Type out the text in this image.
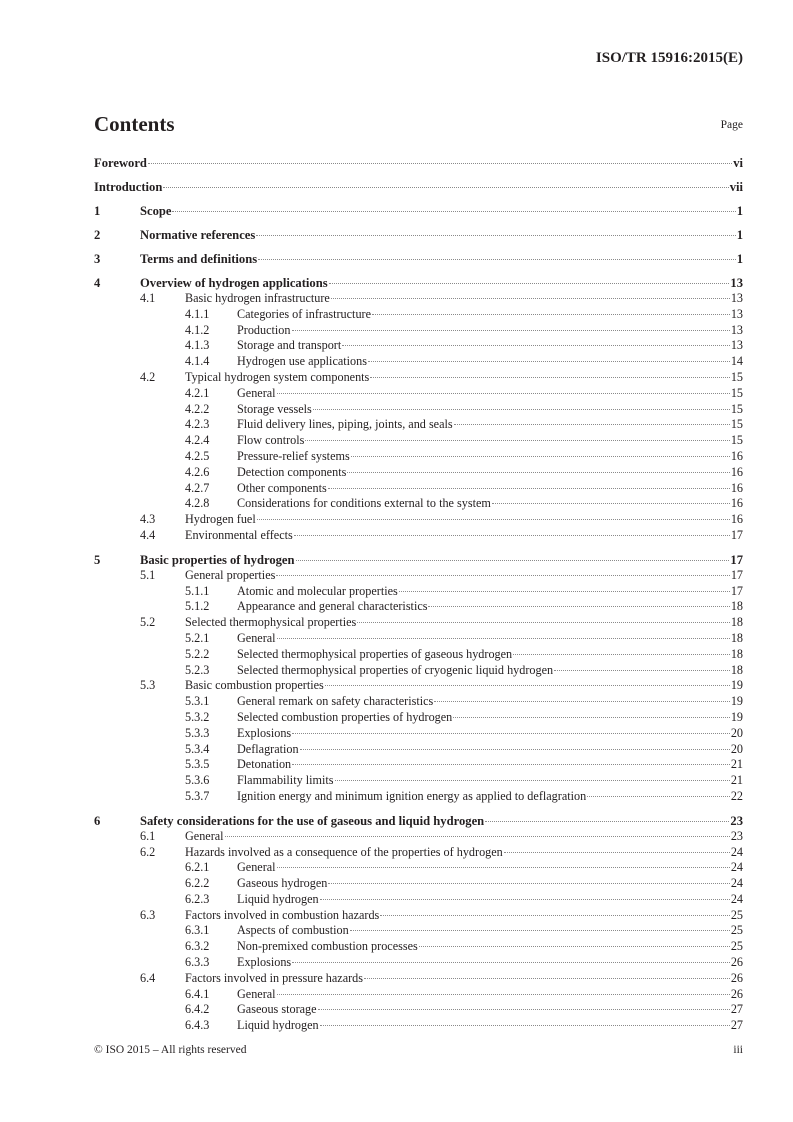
ISO/TR 15916:2015(E)
Contents	Page
Foreword	vi
Introduction	vii
1	Scope	1
2	Normative references	1
3	Terms and definitions	1
4	Overview of hydrogen applications	13
4.1	Basic hydrogen infrastructure	13
4.1.1	Categories of infrastructure	13
4.1.2	Production	13
4.1.3	Storage and transport	13
4.1.4	Hydrogen use applications	14
4.2	Typical hydrogen system components	15
4.2.1	General	15
4.2.2	Storage vessels	15
4.2.3	Fluid delivery lines, piping, joints, and seals	15
4.2.4	Flow controls	15
4.2.5	Pressure-relief systems	16
4.2.6	Detection components	16
4.2.7	Other components	16
4.2.8	Considerations for conditions external to the system	16
4.3	Hydrogen fuel	16
4.4	Environmental effects	17
5	Basic properties of hydrogen	17
5.1	General properties	17
5.1.1	Atomic and molecular properties	17
5.1.2	Appearance and general characteristics	18
5.2	Selected thermophysical properties	18
5.2.1	General	18
5.2.2	Selected thermophysical properties of gaseous hydrogen	18
5.2.3	Selected thermophysical properties of cryogenic liquid hydrogen	18
5.3	Basic combustion properties	19
5.3.1	General remark on safety characteristics	19
5.3.2	Selected combustion properties of hydrogen	19
5.3.3	Explosions	20
5.3.4	Deflagration	20
5.3.5	Detonation	21
5.3.6	Flammability limits	21
5.3.7	Ignition energy and minimum ignition energy as applied to deflagration	22
6	Safety considerations for the use of gaseous and liquid hydrogen	23
6.1	General	23
6.2	Hazards involved as a consequence of the properties of hydrogen	24
6.2.1	General	24
6.2.2	Gaseous hydrogen	24
6.2.3	Liquid hydrogen	24
6.3	Factors involved in combustion hazards	25
6.3.1	Aspects of combustion	25
6.3.2	Non-premixed combustion processes	25
6.3.3	Explosions	26
6.4	Factors involved in pressure hazards	26
6.4.1	General	26
6.4.2	Gaseous storage	27
6.4.3	Liquid hydrogen	27
© ISO 2015 – All rights reserved	iii
